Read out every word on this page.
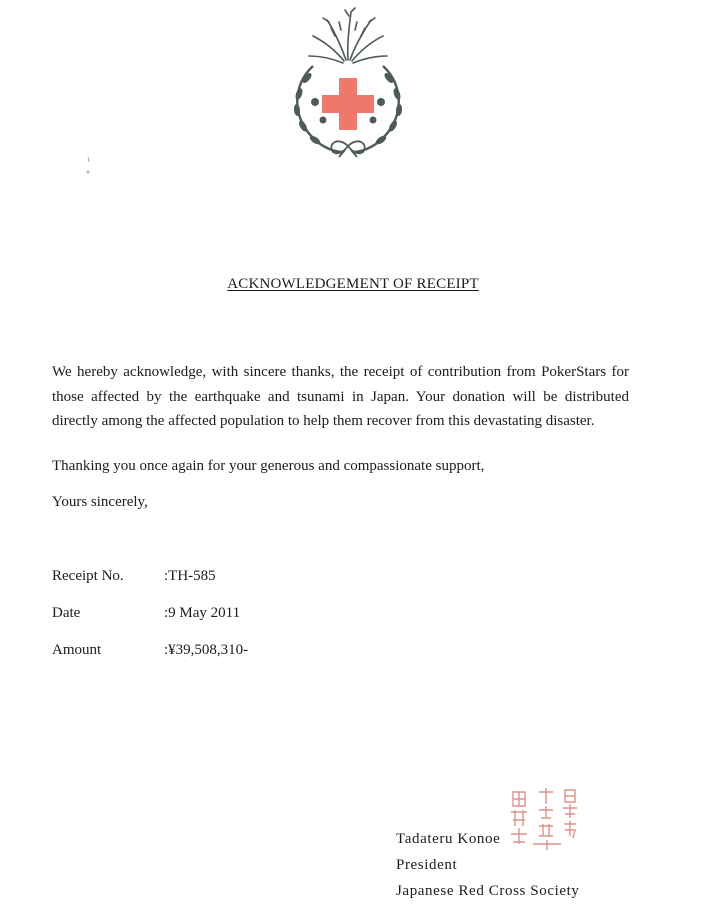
ACKNOWLEDGEMENT OF RECEIPT

We hereby acknowledge, with sincere thanks, the receipt of contribution from PokerStars for those affected by the earthquake and tsunami in Japan. Your donation will be distributed directly among the affected population to help them recover from this devastating disaster.

Thanking you once again for your generous and compassionate support,

Yours sincerely,

Receipt No.	:TH-585
Date	:9 May 2011
Amount	:¥39,508,310-
Tadateru Konoe
President
Japanese Red Cross Society
